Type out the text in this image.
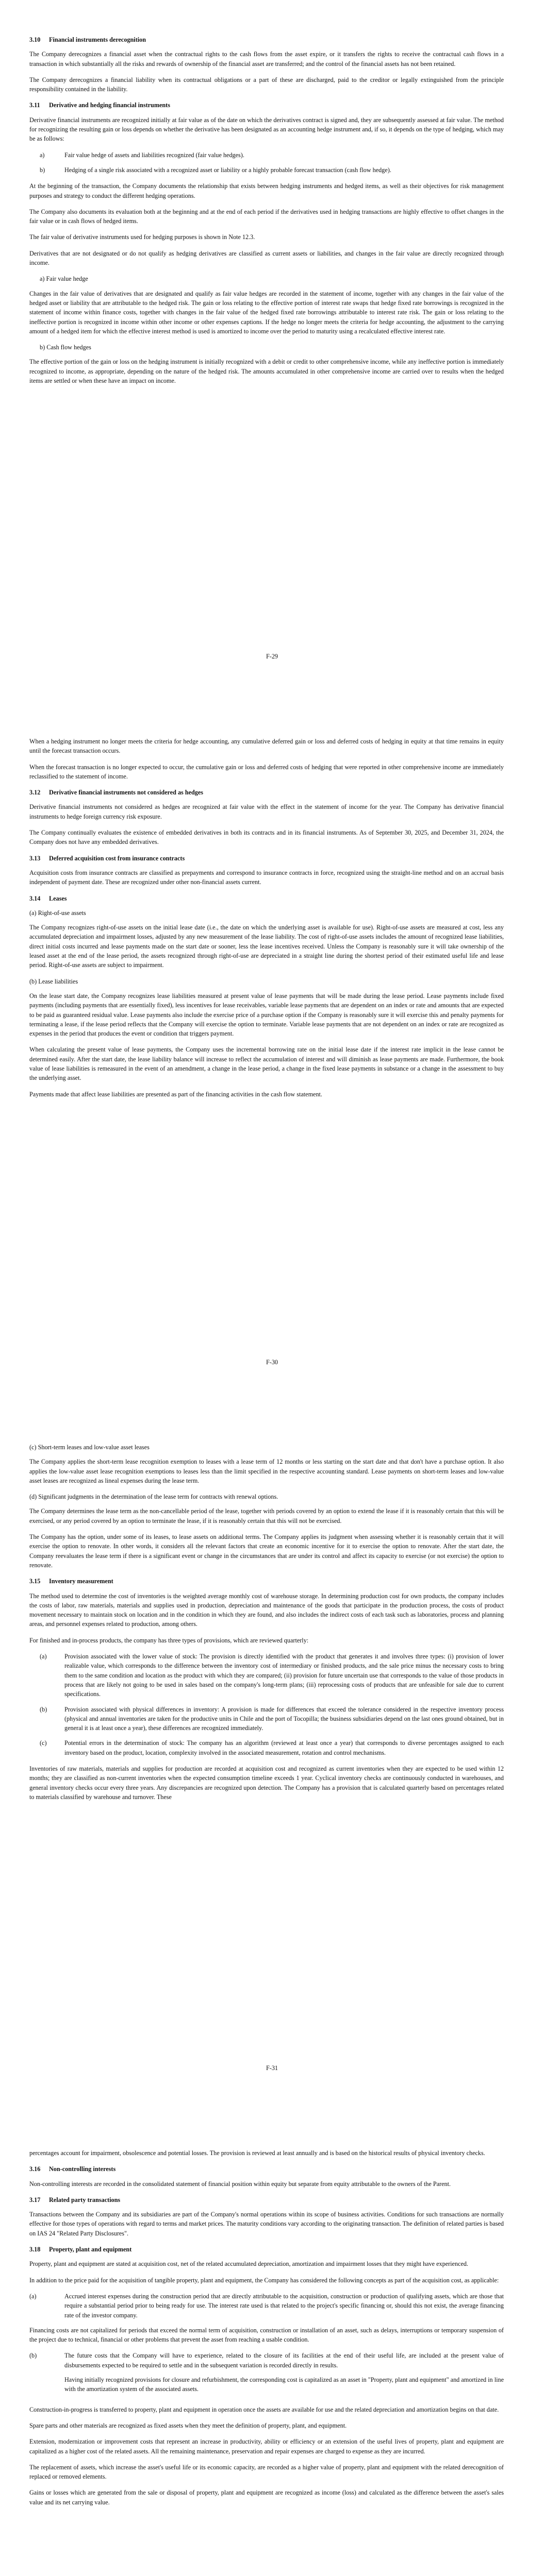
3.10 Financial instruments derecognition

The Company derecognizes a financial asset when the contractual rights to the cash flows from the asset expire, or it transfers the rights to receive the contractual cash flows in a transaction in which substantially all the risks and rewards of ownership of the financial asset are transferred; and the control of the financial assets has not been retained.

The Company derecognizes a financial liability when its contractual obligations or a part of these are discharged, paid to the creditor or legally extinguished from the principle responsibility contained in the liability.

3.11 Derivative and hedging financial instruments

Derivative financial instruments are recognized initially at fair value as of the date on which the derivatives contract is signed and, they are subsequently assessed at fair value. The method for recognizing the resulting gain or loss depends on whether the derivative has been designated as an accounting hedge instrument and, if so, it depends on the type of hedging, which may be as follows:

a)	Fair value hedge of assets and liabilities recognized (fair value hedges).
b)	Hedging of a single risk associated with a recognized asset or liability or a highly probable forecast transaction (cash flow hedge).

At the beginning of the transaction, the Company documents the relationship that exists between hedging instruments and hedged items, as well as their objectives for risk management purposes and strategy to conduct the different hedging operations.

The Company also documents its evaluation both at the beginning and at the end of each period if the derivatives used in hedging transactions are highly effective to offset changes in the fair value or in cash flows of hedged items.

The fair value of derivative instruments used for hedging purposes is shown in Note 12.3.

Derivatives that are not designated or do not qualify as hedging derivatives are classified as current assets or liabilities, and changes in the fair value are directly recognized through income.

a) Fair value hedge

Changes in the fair value of derivatives that are designated and qualify as fair value hedges are recorded in the statement of income, together with any changes in the fair value of the hedged asset or liability that are attributable to the hedged risk. The gain or loss relating to the effective portion of interest rate swaps that hedge fixed rate borrowings is recognized in the statement of income within finance costs, together with changes in the fair value of the hedged fixed rate borrowings attributable to interest rate risk. The gain or loss relating to the ineffective portion is recognized in income within other income or other expenses captions. If the hedge no longer meets the criteria for hedge accounting, the adjustment to the carrying amount of a hedged item for which the effective interest method is used is amortized to income over the period to maturity using a recalculated effective interest rate.

b) Cash flow hedges

The effective portion of the gain or loss on the hedging instrument is initially recognized with a debit or credit to other comprehensive income, while any ineffective portion is immediately recognized to income, as appropriate, depending on the nature of the hedged risk. The amounts accumulated in other comprehensive income are carried over to results when the hedged items are settled or when these have an impact on income.

F-29

When a hedging instrument no longer meets the criteria for hedge accounting, any cumulative deferred gain or loss and deferred costs of hedging in equity at that time remains in equity until the forecast transaction occurs.

When the forecast transaction is no longer expected to occur, the cumulative gain or loss and deferred costs of hedging that were reported in other comprehensive income are immediately reclassified to the statement of income.

3.12 Derivative financial instruments not considered as hedges

Derivative financial instruments not considered as hedges are recognized at fair value with the effect in the statement of income for the year. The Company has derivative financial instruments to hedge foreign currency risk exposure.

The Company continually evaluates the existence of embedded derivatives in both its contracts and in its financial instruments. As of September 30, 2025, and December 31, 2024, the Company does not have any embedded derivatives.

3.13 Deferred acquisition cost from insurance contracts

Acquisition costs from insurance contracts are classified as prepayments and correspond to insurance contracts in force, recognized using the straight-line method and on an accrual basis independent of payment date. These are recognized under other non-financial assets current.

3.14 Leases

(a) Right-of-use assets

The Company recognizes right-of-use assets on the initial lease date (i.e., the date on which the underlying asset is available for use). Right-of-use assets are measured at cost, less any accumulated depreciation and impairment losses, adjusted by any new measurement of the lease liability. The cost of right-of-use assets includes the amount of recognized lease liabilities, direct initial costs incurred and lease payments made on the start date or sooner, less the lease incentives received. Unless the Company is reasonably sure it will take ownership of the leased asset at the end of the lease period, the assets recognized through right-of-use are depreciated in a straight line during the shortest period of their estimated useful life and lease period. Right-of-use assets are subject to impairment.

(b) Lease liabilities

On the lease start date, the Company recognizes lease liabilities measured at present value of lease payments that will be made during the lease period. Lease payments include fixed payments (including payments that are essentially fixed), less incentives for lease receivables, variable lease payments that are dependent on an index or rate and amounts that are expected to be paid as guaranteed residual value. Lease payments also include the exercise price of a purchase option if the Company is reasonably sure it will exercise this and penalty payments for terminating a lease, if the lease period reflects that the Company will exercise the option to terminate. Variable lease payments that are not dependent on an index or rate are recognized as expenses in the period that produces the event or condition that triggers payment.

When calculating the present value of lease payments, the Company uses the incremental borrowing rate on the initial lease date if the interest rate implicit in the lease cannot be determined easily. After the start date, the lease liability balance will increase to reflect the accumulation of interest and will diminish as lease payments are made. Furthermore, the book value of lease liabilities is remeasured in the event of an amendment, a change in the lease period, a change in the fixed lease payments in substance or a change in the assessment to buy the underlying asset.

Payments made that affect lease liabilities are presented as part of the financing activities in the cash flow statement.

F-30

(c) Short-term leases and low-value asset leases

The Company applies the short-term lease recognition exemption to leases with a lease term of 12 months or less starting on the start date and that don't have a purchase option. It also applies the low-value asset lease recognition exemptions to leases less than the limit specified in the respective accounting standard. Lease payments on short-term leases and low-value asset leases are recognized as lineal expenses during the lease term.

(d) Significant judgments in the determination of the lease term for contracts with renewal options.

The Company determines the lease term as the non-cancellable period of the lease, together with periods covered by an option to extend the lease if it is reasonably certain that this will be exercised, or any period covered by an option to terminate the lease, if it is reasonably certain that this will not be exercised.

The Company has the option, under some of its leases, to lease assets on additional terms. The Company applies its judgment when assessing whether it is reasonably certain that it will exercise the option to renovate. In other words, it considers all the relevant factors that create an economic incentive for it to exercise the option to renovate. After the start date, the Company reevaluates the lease term if there is a significant event or change in the circumstances that are under its control and affect its capacity to exercise (or not exercise) the option to renovate.

3.15 Inventory measurement

The method used to determine the cost of inventories is the weighted average monthly cost of warehouse storage. In determining production cost for own products, the company includes the costs of labor, raw materials, materials and supplies used in production, depreciation and maintenance of the goods that participate in the production process, the costs of product movement necessary to maintain stock on location and in the condition in which they are found, and also includes the indirect costs of each task such as laboratories, process and planning areas, and personnel expenses related to production, among others.

For finished and in-process products, the company has three types of provisions, which are reviewed quarterly:

(a)	Provision associated with the lower value of stock: The provision is directly identified with the product that generates it and involves three types: (i) provision of lower realizable value, which corresponds to the difference between the inventory cost of intermediary or finished products, and the sale price minus the necessary costs to bring them to the same condition and location as the product with which they are compared; (ii) provision for future uncertain use that corresponds to the value of those products in process that are likely not going to be used in sales based on the company's long-term plans; (iii) reprocessing costs of products that are unfeasible for sale due to current specifications.
(b)	Provision associated with physical differences in inventory: A provision is made for differences that exceed the tolerance considered in the respective inventory process (physical and annual inventories are taken for the productive units in Chile and the port of Tocopilla; the business subsidiaries depend on the last ones ground obtained, but in general it is at least once a year), these differences are recognized immediately.
(c)	Potential errors in the determination of stock: The company has an algorithm (reviewed at least once a year) that corresponds to diverse percentages assigned to each inventory based on the product, location, complexity involved in the associated measurement, rotation and control mechanisms.

Inventories of raw materials, materials and supplies for production are recorded at acquisition cost and recognized as current inventories when they are expected to be used within 12 months; they are classified as non-current inventories when the expected consumption timeline exceeds 1 year. Cyclical inventory checks are continuously conducted in warehouses, and general inventory checks occur every three years. Any discrepancies are recognized upon detection. The Company has a provision that is calculated quarterly based on percentages related to materials classified by warehouse and turnover. These

F-31

percentages account for impairment, obsolescence and potential losses. The provision is reviewed at least annually and is based on the historical results of physical inventory checks.

3.16 Non-controlling interests

Non-controlling interests are recorded in the consolidated statement of financial position within equity but separate from equity attributable to the owners of the Parent.

3.17 Related party transactions

Transactions between the Company and its subsidiaries are part of the Company's normal operations within its scope of business activities. Conditions for such transactions are normally effective for those types of operations with regard to terms and market prices. The maturity conditions vary according to the originating transaction. The definition of related parties is based on IAS 24 "Related Party Disclosures".

3.18 Property, plant and equipment

Property, plant and equipment are stated at acquisition cost, net of the related accumulated depreciation, amortization and impairment losses that they might have experienced.

In addition to the price paid for the acquisition of tangible property, plant and equipment, the Company has considered the following concepts as part of the acquisition cost, as applicable:

(a)	Accrued interest expenses during the construction period that are directly attributable to the acquisition, construction or production of qualifying assets, which are those that require a substantial period prior to being ready for use. The interest rate used is that related to the project's specific financing or, should this not exist, the average financing rate of the investor company.

Financing costs are not capitalized for periods that exceed the normal term of acquisition, construction or installation of an asset, such as delays, interruptions or temporary suspension of the project due to technical, financial or other problems that prevent the asset from reaching a usable condition.

(b)	The future costs that the Company will have to experience, related to the closure of its facilities at the end of their useful life, are included at the present value of disbursements expected to be required to settle and in the subsequent variation is recorded directly in results.

Having initially recognized provisions for closure and refurbishment, the corresponding cost is capitalized as an asset in "Property, plant and equipment" and amortized in line with the amortization system of the associated assets.

Construction-in-progress is transferred to property, plant and equipment in operation once the assets are available for use and the related depreciation and amortization begins on that date.

Spare parts and other materials are recognized as fixed assets when they meet the definition of property, plant, and equipment.

Extension, modernization or improvement costs that represent an increase in productivity, ability or efficiency or an extension of the useful lives of property, plant and equipment are capitalized as a higher cost of the related assets. All the remaining maintenance, preservation and repair expenses are charged to expense as they are incurred.

The replacement of assets, which increase the asset's useful life or its economic capacity, are recorded as a higher value of property, plant and equipment with the related derecognition of replaced or removed elements.

Gains or losses which are generated from the sale or disposal of property, plant and equipment are recognized as income (loss) and calculated as the difference between the asset's sales value and its net carrying value.
